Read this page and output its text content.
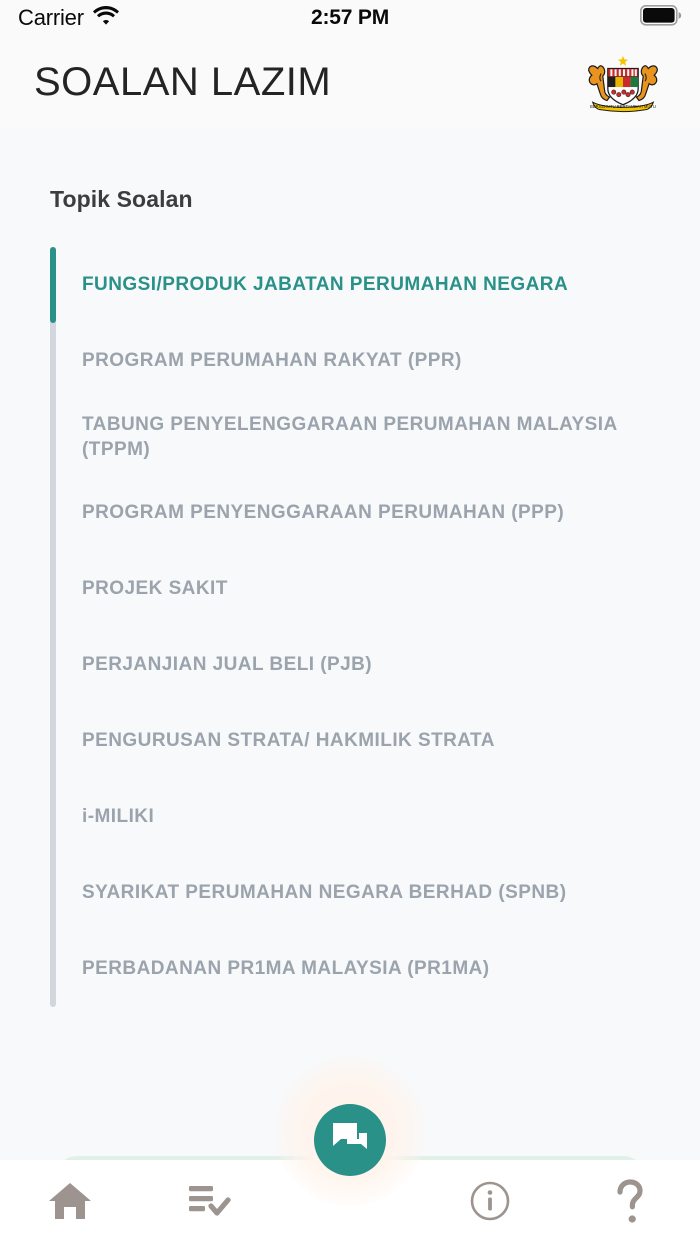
Carrier	2:57 PM
SOALAN LAZIM
BERSEKUTU BERTAMBAH MUTU
Topik Soalan
FUNGSI/PRODUK JABATAN PERUMAHAN NEGARA
PROGRAM PERUMAHAN RAKYAT (PPR)
TABUNG PENYELENGGARAAN PERUMAHAN MALAYSIA (TPPM)
PROGRAM PENYENGGARAAN PERUMAHAN (PPP)
PROJEK SAKIT
PERJANJIAN JUAL BELI (PJB)
PENGURUSAN STRATA/ HAKMILIK STRATA
i-MILIKI
SYARIKAT PERUMAHAN NEGARA BERHAD (SPNB)
PERBADANAN PR1MA MALAYSIA (PR1MA)
